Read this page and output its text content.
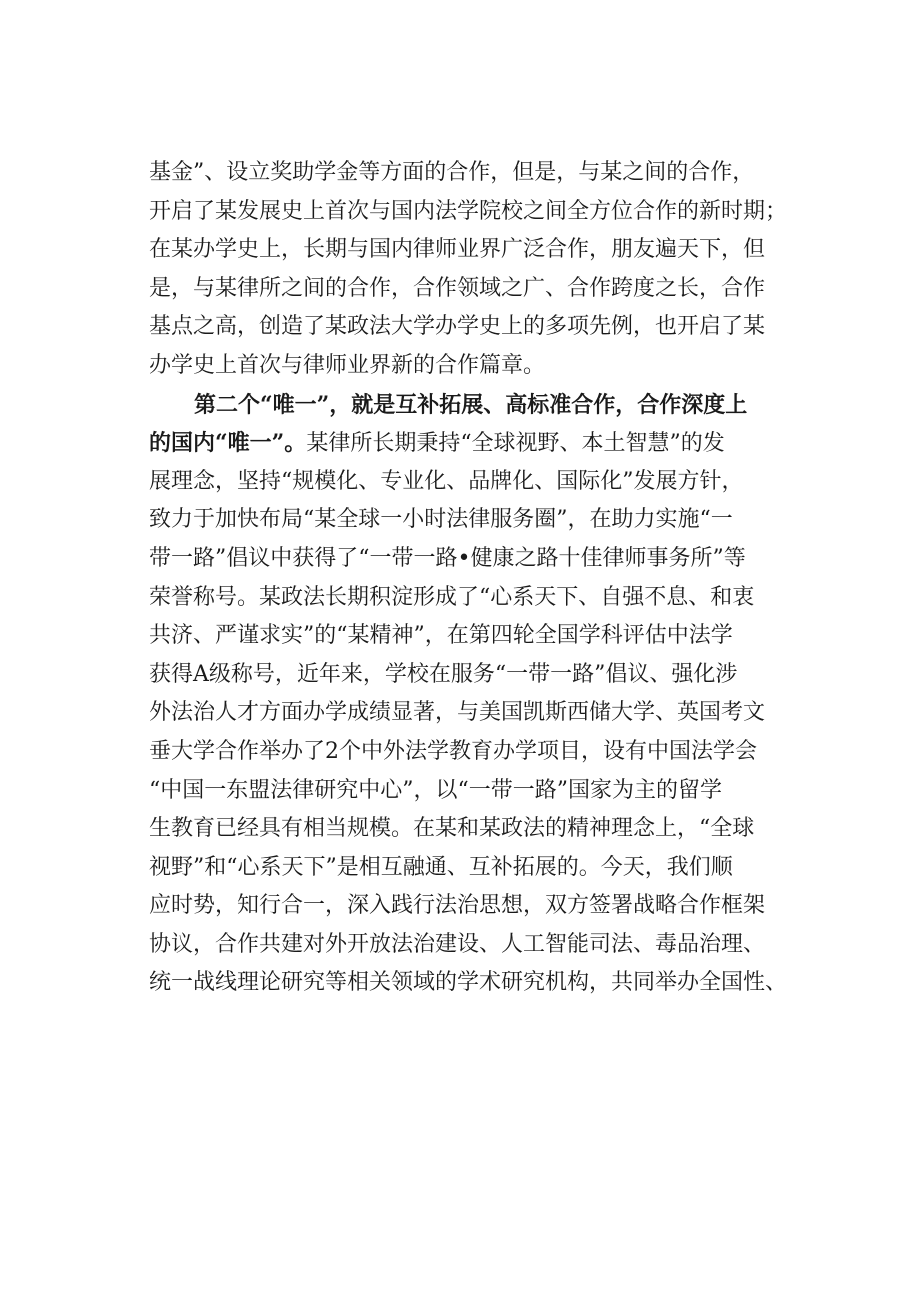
基金”、设立奖助学金等方面的合作，但是，与某之间的合作，
开启了某发展史上首次与国内法学院校之间全方位合作的新时期；
在某办学史上，长期与国内律师业界广泛合作，朋友遍天下，但
是，与某律所之间的合作，合作领域之广、合作跨度之长，合作
基点之高，创造了某政法大学办学史上的多项先例，也开启了某
办学史上首次与律师业界新的合作篇章。
第二个“唯一”，就是互补拓展、高标准合作，合作深度上
的国内“唯一”。某律所长期秉持“全球视野、本土智慧”的发
展理念，坚持“规模化、专业化、品牌化、国际化”发展方针，
致力于加快布局“某全球一小时法律服务圈”，在助力实施“一
带一路”倡议中获得了“一带一路•健康之路十佳律师事务所”等
荣誉称号。某政法长期积淀形成了“心系天下、自强不息、和衷
共济、严谨求实”的“某精神”，在第四轮全国学科评估中法学
获得A级称号，近年来，学校在服务“一带一路”倡议、强化涉
外法治人才方面办学成绩显著，与美国凯斯西储大学、英国考文
垂大学合作举办了2个中外法学教育办学项目，设有中国法学会
“中国一东盟法律研究中心”，以“一带一路”国家为主的留学
生教育已经具有相当规模。在某和某政法的精神理念上，“全球
视野”和“心系天下”是相互融通、互补拓展的。今天，我们顺
应时势，知行合一，深入践行法治思想，双方签署战略合作框架
协议，合作共建对外开放法治建设、人工智能司法、毒品治理、
统一战线理论研究等相关领域的学术研究机构，共同举办全国性、
